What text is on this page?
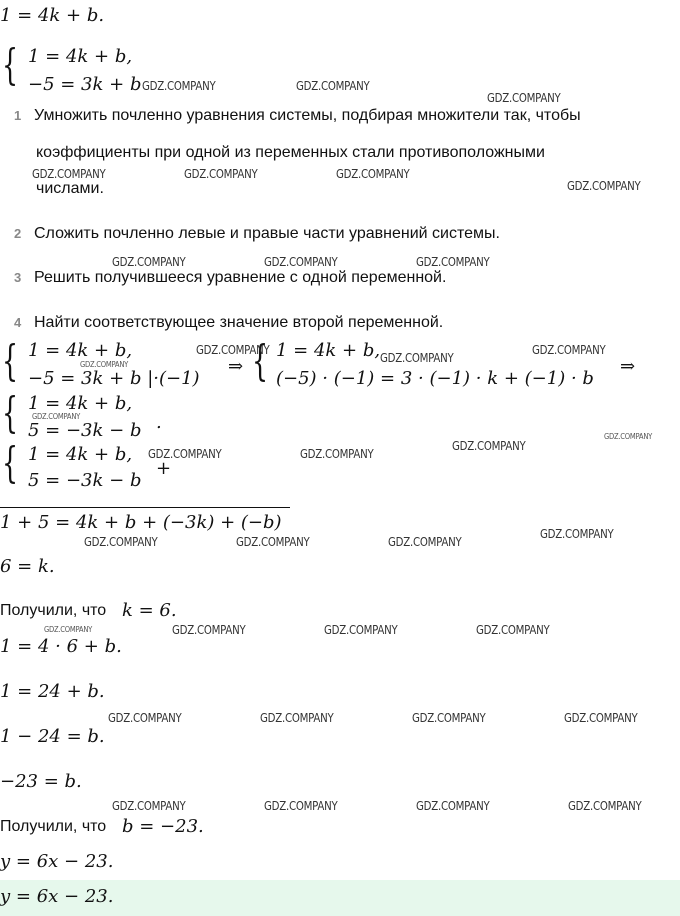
1 = 4k + b.
{ 1 = 4k + b,
−5 = 3k + b
1 Умножить почленно уравнения системы, подбирая множители так, чтобы
коэффициенты при одной из переменных стали противоположными
числами.
2 Сложить почленно левые и правые части уравнений системы.
3 Решить получившееся уравнение с одной переменной.
4 Найти соответствующее значение второй переменной.
{ 1 = 4k + b,
−5 = 3k + b |·(−1)
⇒ { 1 = 4k + b,
(−5) · (−1) = 3 · (−1) · k + (−1) · b
⇒
{ 1 = 4k + b,
5 = −3k − b .
{ 1 = 4k + b,
5 = −3k − b
+
1 + 5 = 4k + b + (−3k) + (−b)
6 = k.
Получили, что k = 6.
1 = 4 · 6 + b.
1 = 24 + b.
1 − 24 = b.
−23 = b.
Получили, что b = −23.
y = 6x − 23.
y = 6x − 23.
GDZ.COMPANY	GDZ.COMPANY
GDZ.COMPANY
GDZ.COMPANY	GDZ.COMPANY	GDZ.COMPANY
GDZ.COMPANY
GDZ.COMPANY	GDZ.COMPANY	GDZ.COMPANY
GDZ.COMPANY
GDZ.COMPANY
GDZ.COMPANY
GDZ.COMPANY
GDZ.COMPANY
GDZ.COMPANY
GDZ.COMPANY	GDZ.COMPANY
GDZ.COMPANY
GDZ.COMPANY	GDZ.COMPANY	GDZ.COMPANY
GDZ.COMPANY
GDZ.COMPANY	GDZ.COMPANY	GDZ.COMPANY	GDZ.COMPANY
GDZ.COMPANY	GDZ.COMPANY	GDZ.COMPANY	GDZ.COMPANY
GDZ.COMPANY	GDZ.COMPANY	GDZ.COMPANY	GDZ.COMPANY
